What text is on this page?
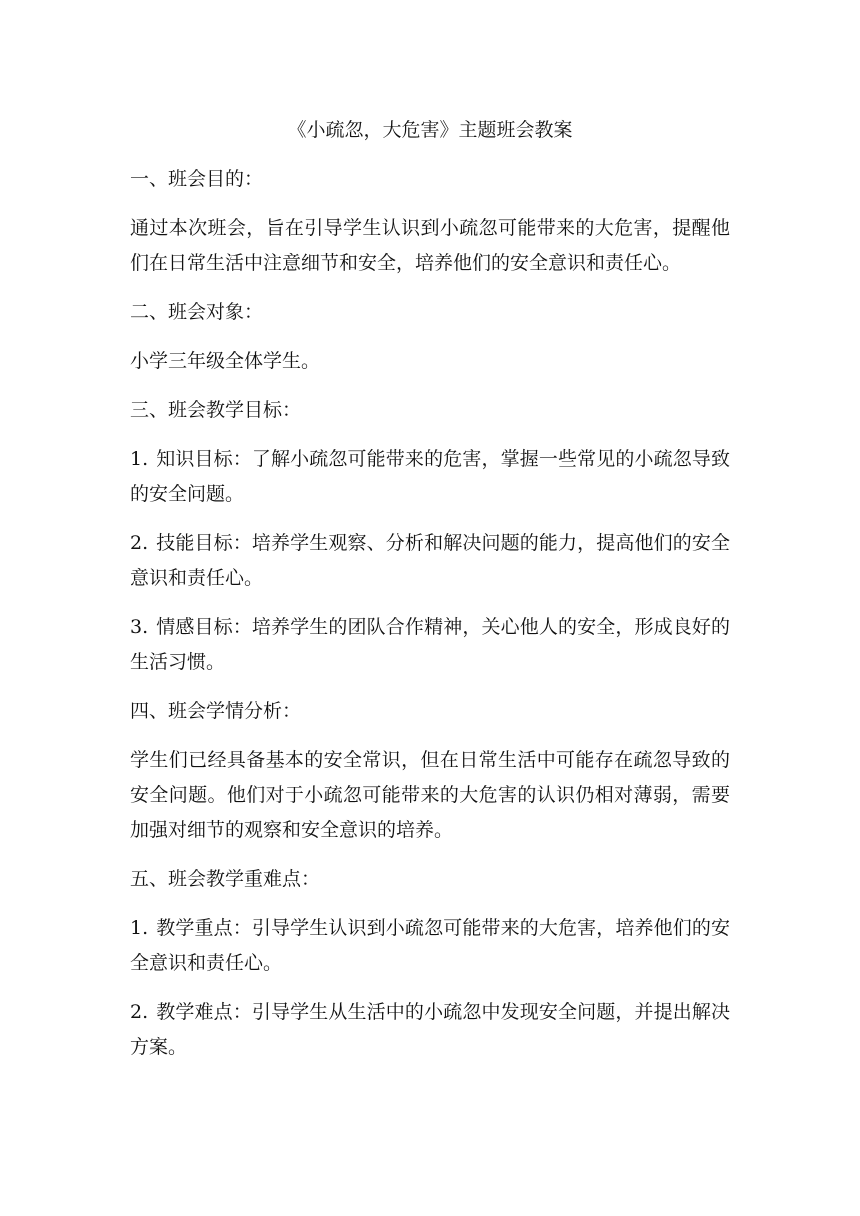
《小疏忽，大危害》主题班会教案
一、班会目的：
通过本次班会，旨在引导学生认识到小疏忽可能带来的大危害，提醒他们在日常生活中注意细节和安全，培养他们的安全意识和责任心。
二、班会对象：
小学三年级全体学生。
三、班会教学目标：
1. 知识目标：了解小疏忽可能带来的危害，掌握一些常见的小疏忽导致的安全问题。
2. 技能目标：培养学生观察、分析和解决问题的能力，提高他们的安全意识和责任心。
3. 情感目标：培养学生的团队合作精神，关心他人的安全，形成良好的生活习惯。
四、班会学情分析：
学生们已经具备基本的安全常识，但在日常生活中可能存在疏忽导致的安全问题。他们对于小疏忽可能带来的大危害的认识仍相对薄弱，需要加强对细节的观察和安全意识的培养。
五、班会教学重难点：
1. 教学重点：引导学生认识到小疏忽可能带来的大危害，培养他们的安全意识和责任心。
2. 教学难点：引导学生从生活中的小疏忽中发现安全问题，并提出解决方案。
